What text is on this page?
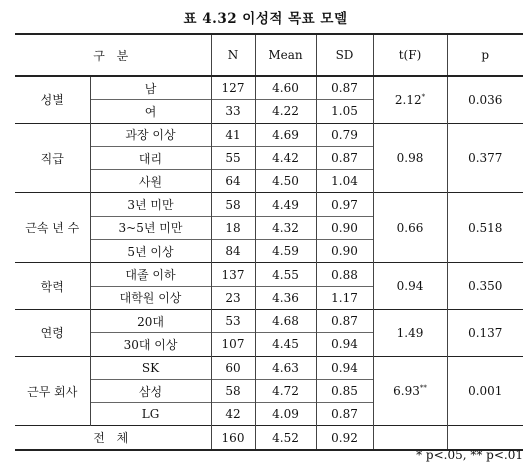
표 4.32 이성적 목표 모델
구 분		N	Mean	SD	t(F)	p
성별	남	127	4.60	0.87	2.12*	0.036
	여	33	4.22	1.05		
직급	과장 이상	41	4.69	0.79	0.98	0.377
	대리	55	4.42	0.87		
	사원	64	4.50	1.04		
근속 년 수	3년 미만	58	4.49	0.97	0.66	0.518
	3~5년 미만	18	4.32	0.90		
	5년 이상	84	4.59	0.90		
학력	대졸 이하	137	4.55	0.88	0.94	0.350
	대학원 이상	23	4.36	1.17		
연령	20대	53	4.68	0.87	1.49	0.137
	30대 이상	107	4.45	0.94		
근무 회사	SK	60	4.63	0.94	6.93**	0.001
	삼성	58	4.72	0.85		
	LG	42	4.09	0.87		
전 체		160	4.52	0.92		
* p<.05, ** p<.01
